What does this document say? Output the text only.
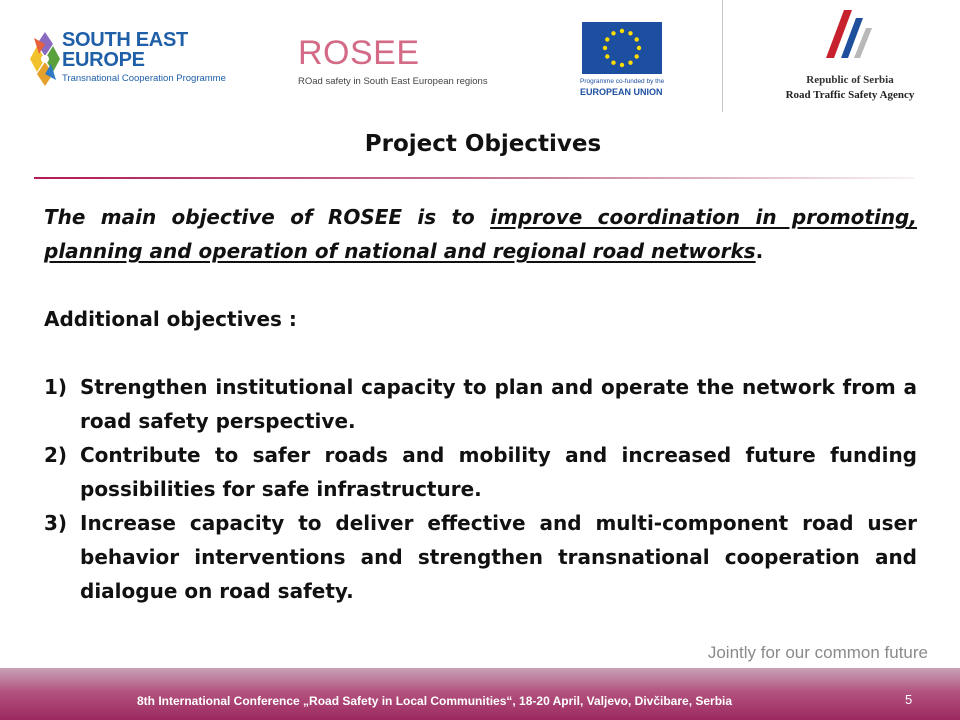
SOUTH EAST
EUROPE
Transnational Cooperation Programme
ROSEE
ROad safety in South East European regions	Programme co-funded by the
EUROPEAN UNION
Republic of Serbia
Road Traffic Safety Agency
Project Objectives

The main objective of ROSEE is to improve coordination in promoting, planning and operation of national and regional road networks.

Additional objectives :
1) Strengthen institutional capacity to plan and operate the network from a road safety perspective.
2) Contribute to safer roads and mobility and increased future funding possibilities for safe infrastructure.
3) Increase capacity to deliver effective and multi-component road user behavior interventions and strengthen transnational cooperation and dialogue on road safety.
Jointly for our common future
8th International Conference „Road Safety in Local Communities“, 18-20 April, Valjevo, Divčibare, Serbia	5
